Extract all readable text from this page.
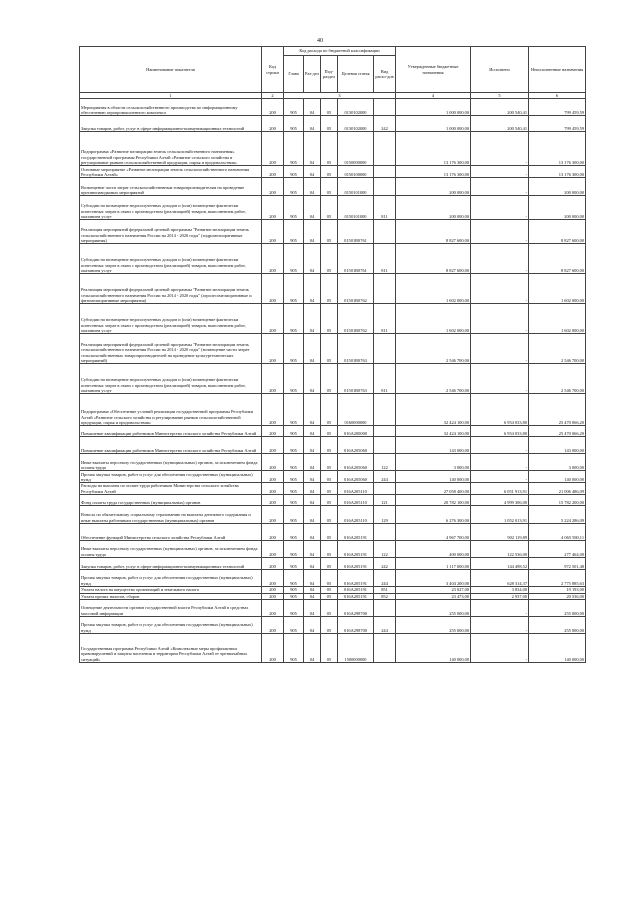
40
Наименование показателя	Код строки	Код расхода по бюджетной классификации					Утвержденные бюджетные назначения	Исполнено	Неисполненные назначения
		Глава	Раз-дел	Под-раздел	Целевая статья	Вид расхо-дов			
1	2	3					4	5	6
Мероприятия в области сельскохозяйственного производства по информационному обеспечению агропромышленного комплекса	200	905	04	05	0130102000		1 000 000,00	200 540,41	799 459,59
Закупка товаров, работ, услуг в сфере информационно-коммуникационных технологий	200	905	04	05	0130102000	242	1 000 000,00	200 540,41	799 459,59
Подпрограмма «Развитие мелиорации земель сельскохозяйственного назначения» государственной программы Республики Алтай «Развитие сельского хозяйства и регулирование рынков сельскохозяйственной продукции, сырья и продовольствия»	200	905	04	05	0150000000		13 176 300,00	-	13 176 300,00
Основные мероприятие «Развитие мелиорации земель сельскохозяйственного назначения Республики Алтай»	200	905	04	05	0150100000		13 176 300,00	-	13 176 300,00
Возмещение части затрат сельскохозяйственным товаропроизводителям на проведение противопаводковых мероприятий	200	905	04	05	0150101000		200 000,00	-	200 000,00
Субсидии на возмещение недополученных доходов и (или) возмещение фактически понесенных затрат в связи с производством (реализацией) товаров, выполнением работ, оказанием услуг	200	905	04	05	0150101000	811	200 000,00	-	200 000,00
Реализация мероприятий федеральной целевой программы "Развитие мелиорации земель сельскохозяйственного назначения России на 2014 - 2020 годы" (гидромелиоративные мероприятия)	200	905	04	05	01501R0761		8 827 600,00	-	8 827 600,00
Субсидии на возмещение недополученных доходов и (или) возмещение фактически понесенных затрат в связи с производством (реализацией) товаров, выполнением работ, оказанием услуг	200	905	04	05	01501R0761	811	8 827 600,00	-	8 827 600,00
Реализация мероприятий федеральной целевой программы "Развитие мелиорации земель сельскохозяйственного назначения России на 2014 - 2020 годы" (агролесомелиоративные и фитомелиоративные мероприятия)	200	905	04	05	01501R0762		1 602 000,00	-	1 602 000,00
Субсидии на возмещение недополученных доходов и (или) возмещение фактически понесенных затрат в связи с производством (реализацией) товаров, выполнением работ, оказанием услуг	200	905	04	05	01501R0762	811	1 602 000,00	-	1 602 000,00
Реализация мероприятий федеральной целевой программы "Развитие мелиорации земель сельскохозяйственного назначения России на 2014 - 2020 годы" (возмещение части затрат сельскохозяйственных товаропроизводителей на проведение культуртехнических мероприятий)	200	905	04	05	01501R0763		2 546 700,00	-	2 546 700,00
Субсидии на возмещение недополученных доходов и (или) возмещение фактически понесенных затрат в связи с производством (реализацией) товаров, выполнением работ, оказанием услуг	200	905	04	05	01501R0763	811	2 546 700,00	-	2 546 700,00
Подпрограмма «Обеспечение условий реализации государственной программы Республики Алтай «Развитие сельского хозяйства и регулирование рынков сельскохозяйственной продукции, сырья и продовольствия»	200	905	04	05	0160000000		32 424 100,00	6 954 033,80	25 470 066,20
Повышение квалификации работников Министерства сельского хозяйства Республики Алтай	200	905	04	05	016A200000		32 424 100,00	6 954 033,80	25 470 066,20
Повышение квалификации работников Министерства сельского хозяйства Республики Алтай	200	905	04	05	016A205060		143 000,00	-	143 000,00
Иные выплаты персоналу государственных (муниципальных) органов, за исключением фонда оплаты труда	200	905	04	05	016A205060	122	3 000,00	-	3 000,00
Прочая закупка товаров, работ и услуг для обеспечения государственных (муниципальных) нужд	200	905	04	05	016A205060	244	140 000,00	-	140 000,00
Расходы на выплаты по оплате труда работников Министерства сельского хозяйства Республики Алтай	200	905	04	05	016A205110		27 058 400,00	6 051 913,91	21 006 486,09
Фонд оплаты труда государственных (муниципальных) органов	200	905	04	05	016A205110	121	20 782 100,00	4 999 306,00	15 782 200,00
Взносы по обязательному социальному страхованию на выплаты денежного содержания и иные выплаты работникам государственных (муниципальных) органов	200	905	04	05	016A205110	129	6 276 300,00	1 052 013,91	5 224 286,09
Обеспечение функций Министерства сельского хозяйства Республики Алтай	200	905	04	05	016A205191		4 967 700,00	902 119,89	4 065 580,11
Иные выплаты персоналу государственных (муниципальных) органов, за исключением фонда оплаты труда	200	905	04	05	016A205191	122	400 000,00	122 536,00	277 464,00
Закупка товаров, работ, услуг в сфере информационно-коммуникационных технологий	200	905	04	05	016A205191	242	1 117 000,00	144 498,52	972 501,48
Прочая закупка товаров, работ и услуг для обеспечения государственных (муниципальных) нужд	200	905	04	05	016A205191	244	3 404 200,00	628 314,37	2 775 885,63
Уплата налога на имущество организаций и земельного налога	200	905	04	05	016A205191	851	23 027,00	3 834,00	19 193,00
Уплата прочих налогов, сборов	200	905	04	05	016A205191	852	23 473,00	2 937,00	20 536,00
Освещение деятельности органов государственной власти Республики Алтай в средствах массовой информации	200	905	04	05	016A298700		255 000,00	-	255 000,00
Прочая закупка товаров, работ и услуг для обеспечения государственных (муниципальных) нужд	200	905	04	05	016A298700	244	255 000,00	-	255 000,00
Государственная программа Республики Алтай «Комплексные меры профилактики правонарушений и защиты населения и территории Республики Алтай от чрезвычайных ситуаций»	200	905	04	05	1500000000		140 000,00	-	140 000,00
